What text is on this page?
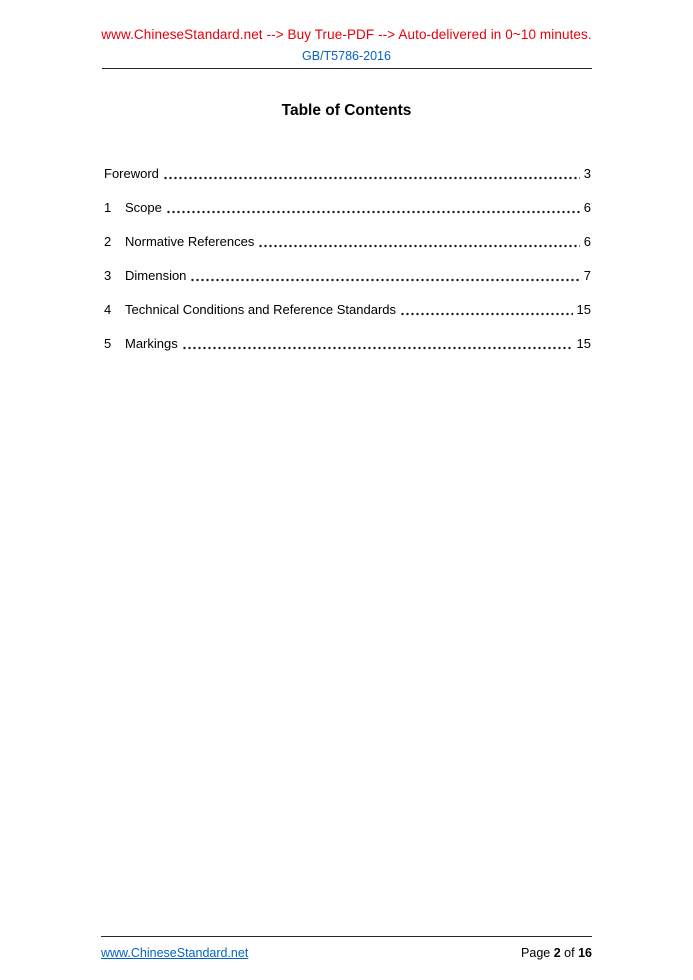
www.ChineseStandard.net --> Buy True-PDF --> Auto-delivered in 0~10 minutes.
GB/T5786-2016
Table of Contents
Foreword	3
1	Scope	6
2	Normative References	6
3	Dimension	7
4	Technical Conditions and Reference Standards	15
5	Markings	15
www.ChineseStandard.net	Page 2 of 16
